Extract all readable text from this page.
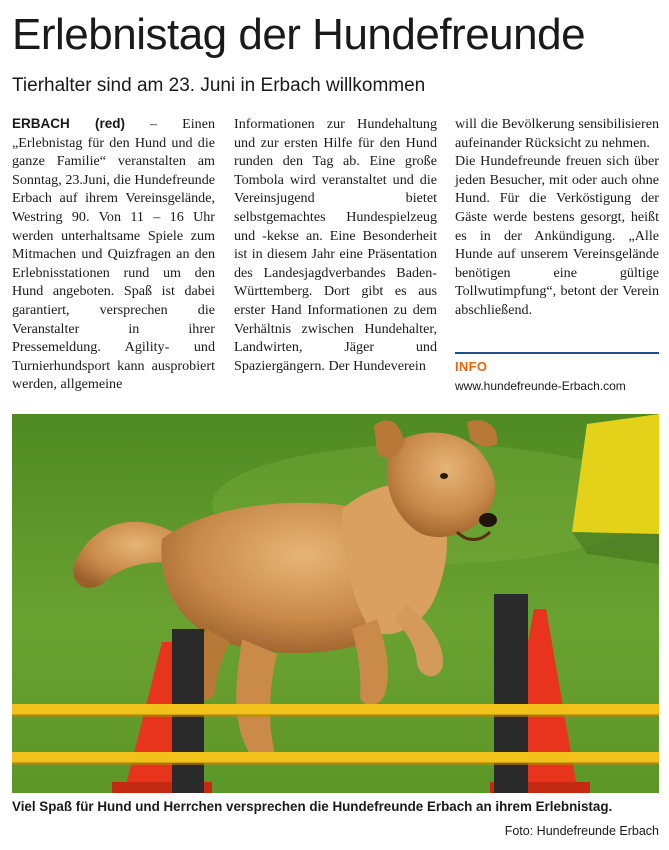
Erlebnistag der Hundefreunde
Tierhalter sind am 23. Juni in Erbach willkommen

ERBACH (red) – Einen „Erlebnistag für den Hund und die ganze Familie“ veranstalten am Sonntag, 23.Juni, die Hundefreunde Erbach auf ihrem Vereinsgelände, Westring 90. Von 11 – 16 Uhr werden unterhaltsame Spiele zum Mitmachen und Quizfragen an den Erlebnisstationen rund um den Hund angeboten. Spaß ist dabei garantiert, versprechen die Veranstalter in ihrer Pressemeldung. Agility- und Turnierhundsport kann ausprobiert werden, allgemeine

Informationen zur Hundehaltung und zur ersten Hilfe für den Hund runden den Tag ab. Eine große Tombola wird veranstaltet und die Vereinsjugend bietet selbstgemachtes Hundespielzeug und -kekse an. Eine Besonderheit ist in diesem Jahr eine Präsentation des Landesjagdverbandes Baden-Württemberg. Dort gibt es aus erster Hand Informationen zu dem Verhältnis zwischen Hundehalter, Landwirten, Jäger und Spaziergängern. Der Hundeverein

will die Bevölkerung sensibilisieren aufeinander Rücksicht zu nehmen.

Die Hundefreunde freuen sich über jeden Besucher, mit oder auch ohne Hund. Für die Verköstigung der Gäste werde bestens gesorgt, heißt es in der Ankündigung. „Alle Hunde auf unserem Vereinsgelände benötigen eine gültige Tollwutimpfung“, betont der Verein abschließend.

INFO
www.hundefreunde-Erbach.com
Viel Spaß für Hund und Herrchen versprechen die Hundefreunde Erbach an ihrem Erlebnistag.
Foto: Hundefreunde Erbach
